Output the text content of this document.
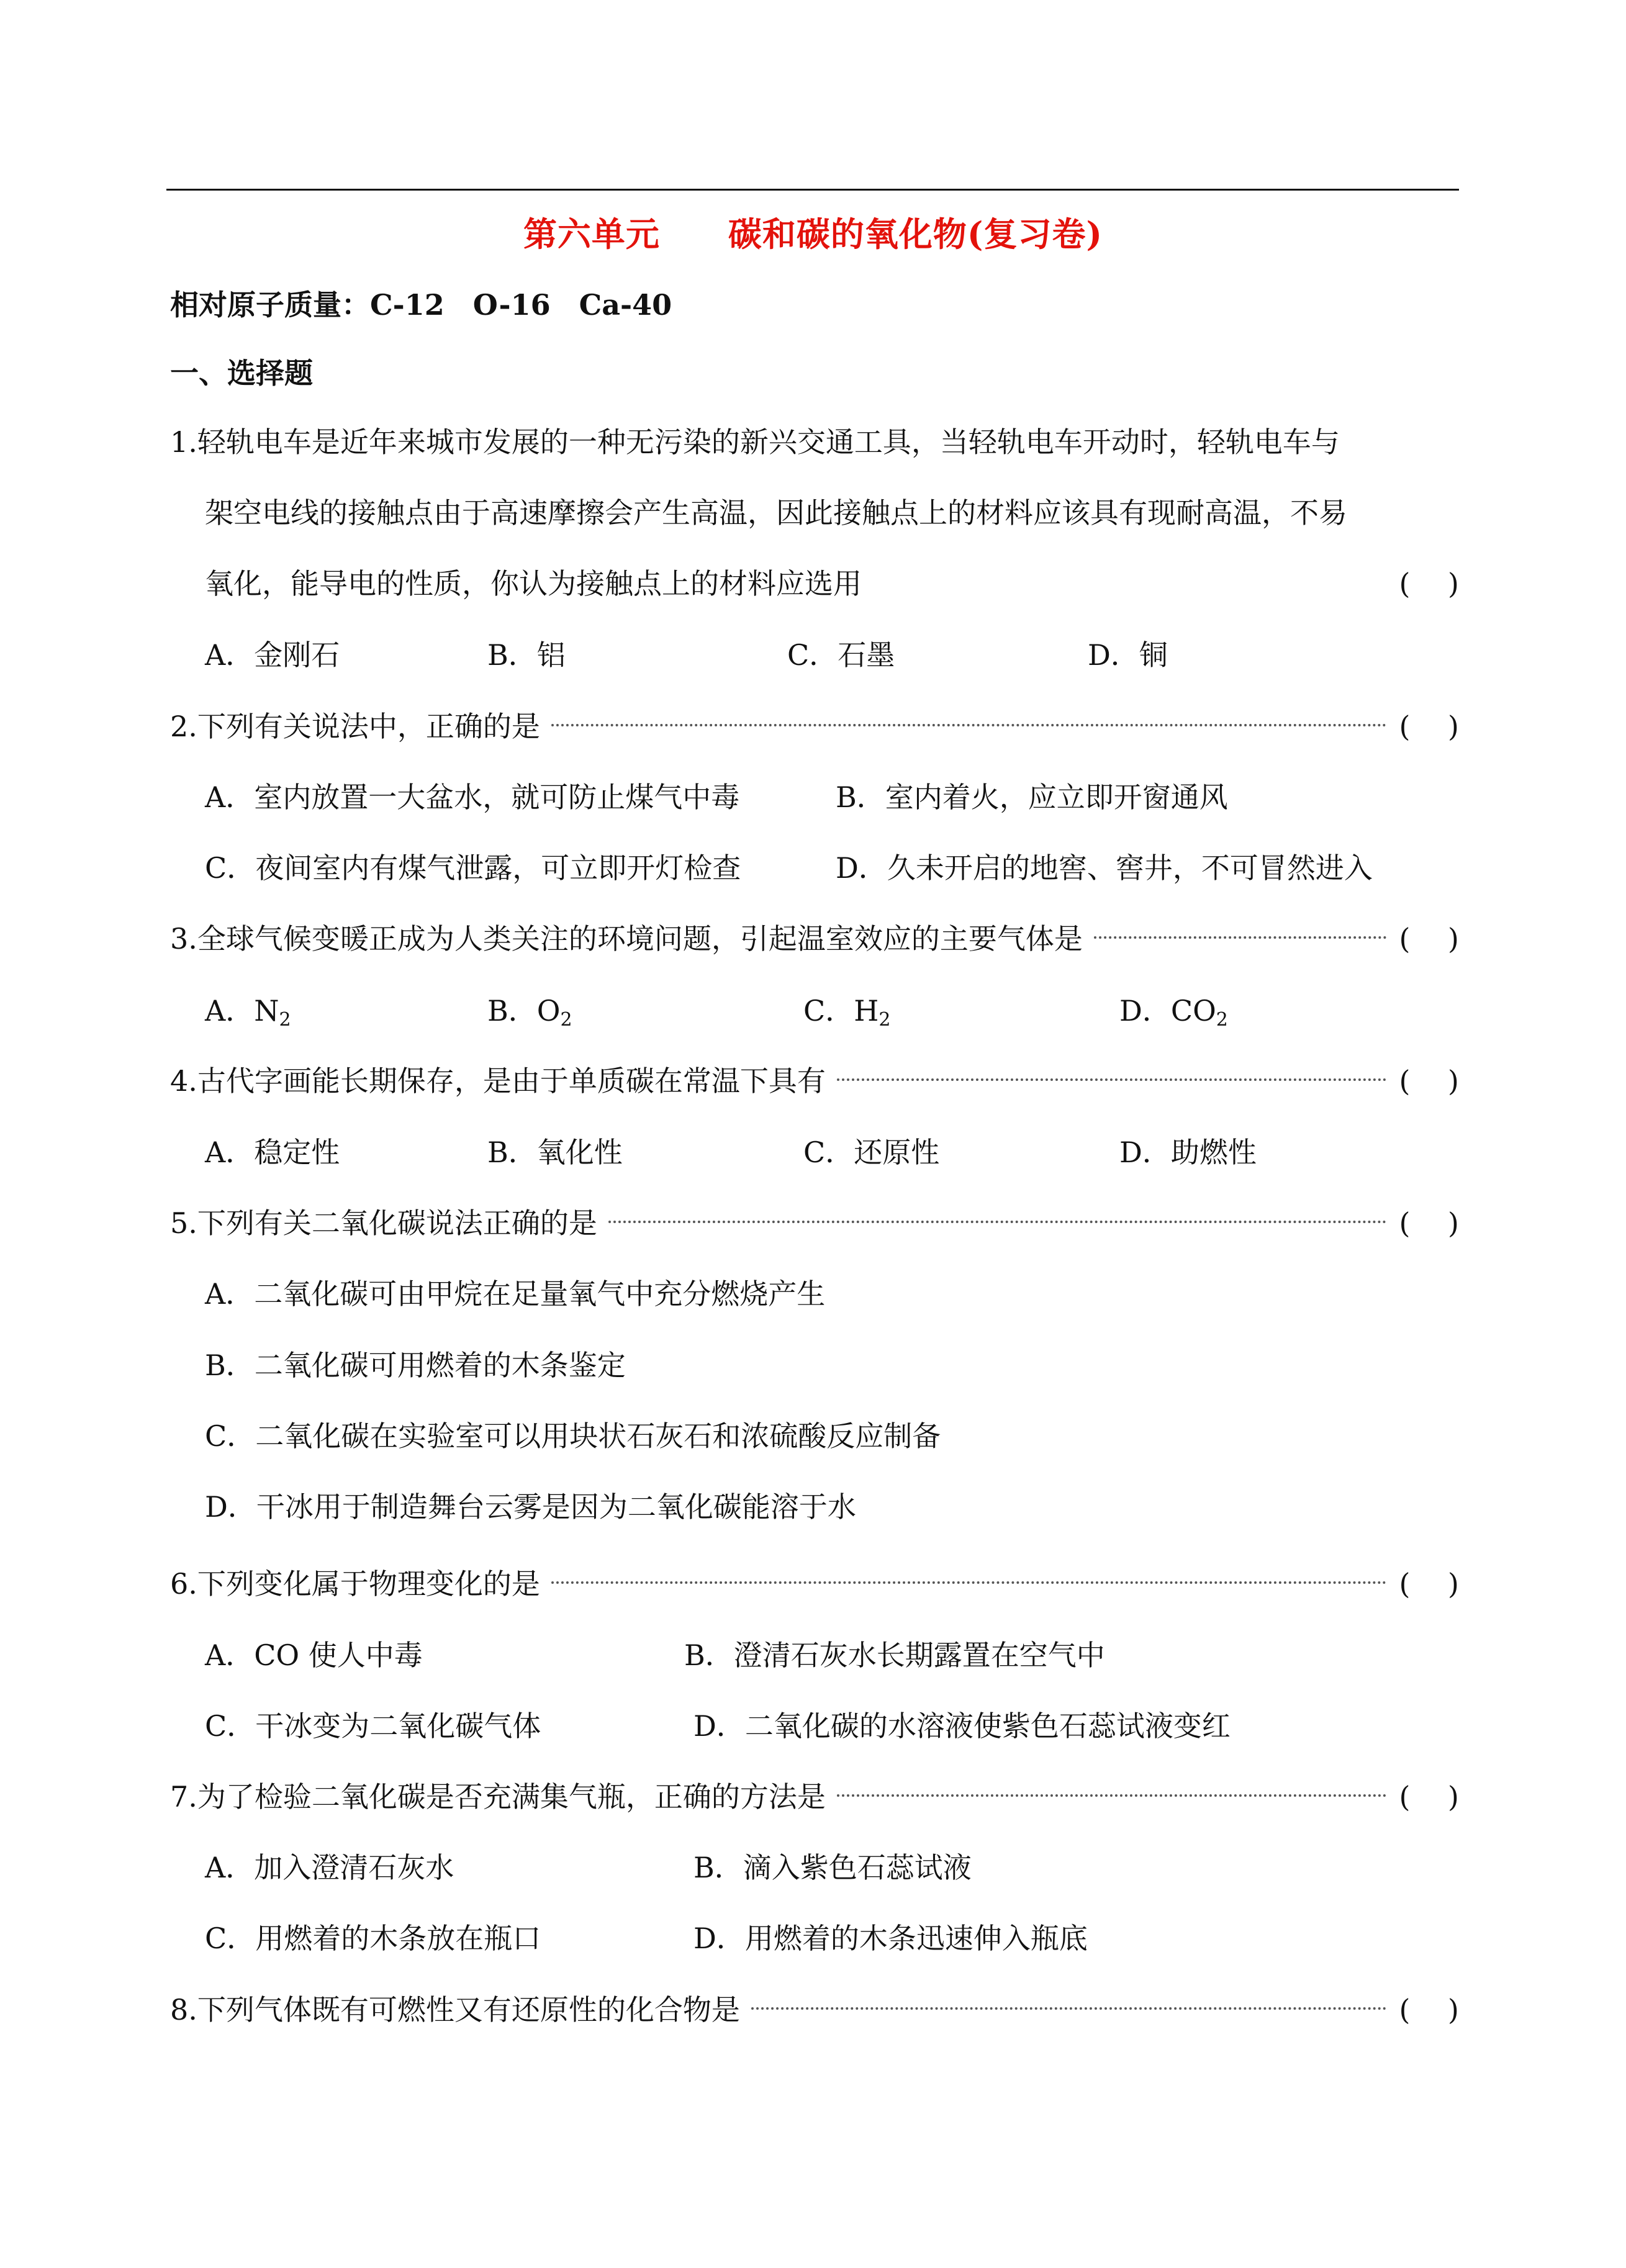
第六单元　　碳和碳的氧化物(复习卷)
相对原子质量：C-12　O-16　Ca-40
一、选择题
1.轻轨电车是近年来城市发展的一种无污染的新兴交通工具，当轻轨电车开动时，轻轨电车与
架空电线的接触点由于高速摩擦会产生高温，因此接触点上的材料应该具有现耐高温，不易
氧化，能导电的性质，你认为接触点上的材料应选用	(　 )
A．金刚石	B．铝	C．石墨	D．铜
2.下列有关说法中，正确的是	(　 )
A．室内放置一大盆水，就可防止煤气中毒	B．室内着火，应立即开窗通风
C．夜间室内有煤气泄露，可立即开灯检查	D．久未开启的地窖、窖井，不可冒然进入
3.全球气候变暖正成为人类关注的环境问题，引起温室效应的主要气体是	(　 )
A．$N_2$	B．$O_2$	C．$H_2$	D．$CO_2$
4.古代字画能长期保存，是由于单质碳在常温下具有	(　 )
A．稳定性	B．氧化性	C．还原性	D．助燃性
5.下列有关二氧化碳说法正确的是	(　 )
A．二氧化碳可由甲烷在足量氧气中充分燃烧产生
B．二氧化碳可用燃着的木条鉴定
C．二氧化碳在实验室可以用块状石灰石和浓硫酸反应制备
D．干冰用于制造舞台云雾是因为二氧化碳能溶于水
6.下列变化属于物理变化的是	(　 )
A．CO 使人中毒	B．澄清石灰水长期露置在空气中
C．干冰变为二氧化碳气体	D．二氧化碳的水溶液使紫色石蕊试液变红
7.为了检验二氧化碳是否充满集气瓶，正确的方法是	(　 )
A．加入澄清石灰水	B．滴入紫色石蕊试液
C．用燃着的木条放在瓶口	D．用燃着的木条迅速伸入瓶底
8.下列气体既有可燃性又有还原性的化合物是	(　 )
